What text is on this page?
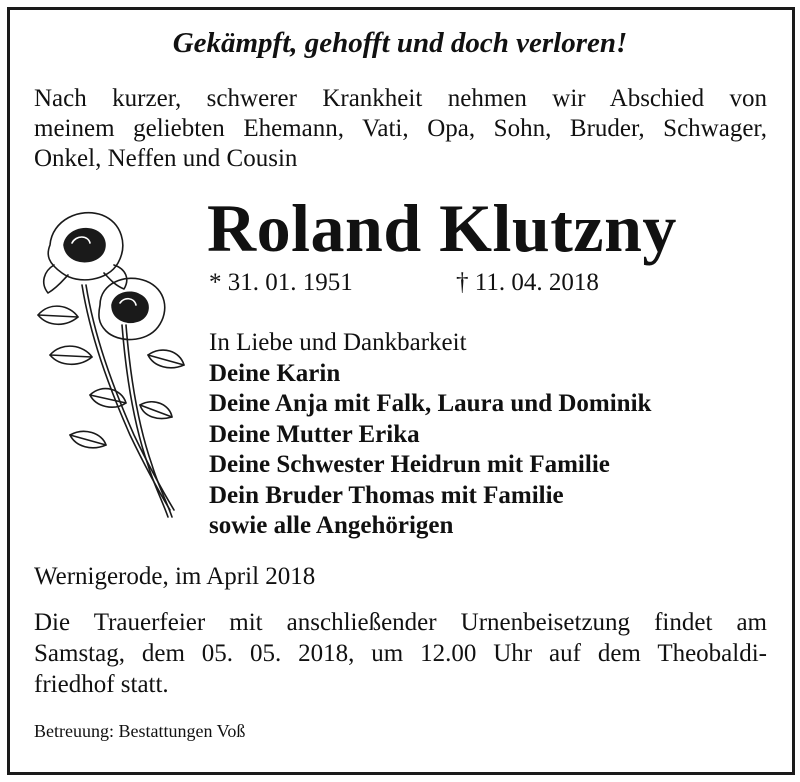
Gekämpft, gehofft und doch verloren!
Nach kurzer, schwerer Krankheit nehmen wir Abschied von
meinem geliebten Ehemann, Vati, Opa, Sohn, Bruder, Schwager,
Onkel, Neffen und Cousin
Roland Klutzny
* 31. 01. 1951	† 11. 04. 2018
In Liebe und Dankbarkeit
Deine Karin
Deine Anja mit Falk, Laura und Dominik
Deine Mutter Erika
Deine Schwester Heidrun mit Familie
Dein Bruder Thomas mit Familie
sowie alle Angehörigen
Wernigerode, im April 2018
Die Trauerfeier mit anschließender Urnenbeisetzung findet am
Samstag, dem 05. 05. 2018, um 12.00 Uhr auf dem Theobaldi-
friedhof statt.
Betreuung: Bestattungen Voß
